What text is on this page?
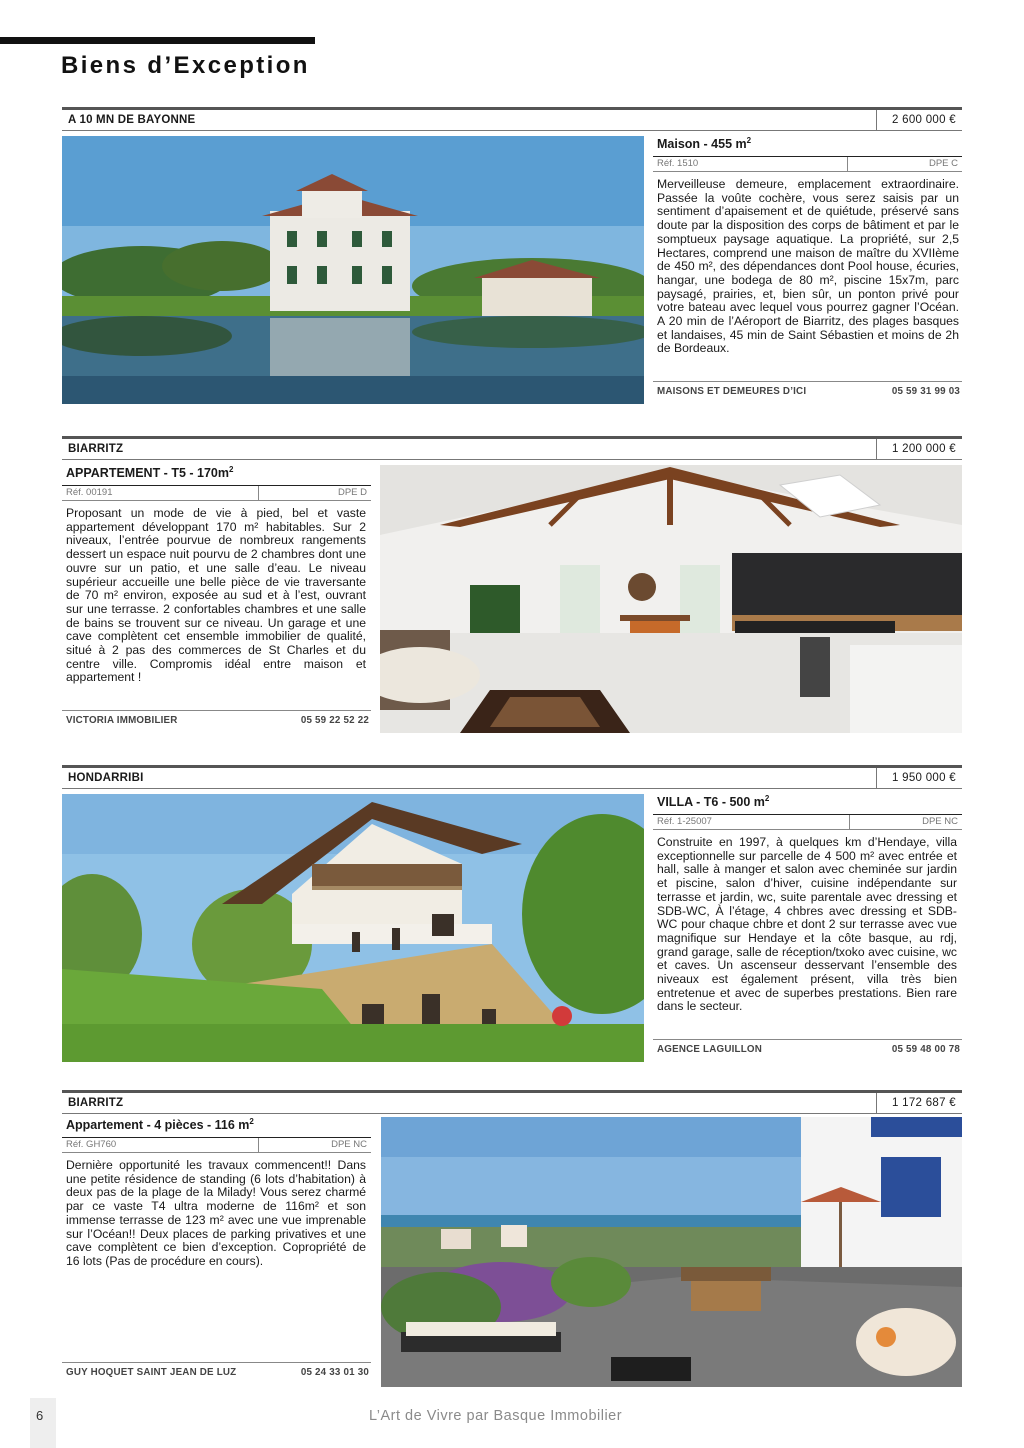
Biens d’Exception
A 10 MN DE BAYONNE	2 600 000 €
Maison - 455 $m^2$
Réf. 1510	DPE C
Merveilleuse demeure, emplacement extraordinaire. Passée la voûte cochère, vous serez saisis par un sentiment d’apaisement et de quiétude, préservé sans doute par la disposition des corps de bâtiment et par le somptueux paysage aquatique. La propriété, sur 2,5 Hectares, comprend une maison de maître du XVIIème de 450 m², des dépendances dont Pool house, écuries, hangar, une bodega de 80 m², piscine 15x7m, parc paysagé, prairies, et, bien sûr, un ponton privé pour votre bateau avec lequel vous pourrez gagner l’Océan. A 20 min de l’Aéroport de Biarritz, des plages basques et landaises, 45 min de Saint Sébastien et moins de 2h de Bordeaux.
MAISONS ET DEMEURES D’ICI	05 59 31 99 03
BIARRITZ	1 200 000 €
APPARTEMENT - $T5 - 170m^2$
Réf. 00191	DPE D
Proposant un mode de vie à pied, bel et vaste appartement développant 170 m² habitables. Sur 2 niveaux, l’entrée pourvue de nombreux rangements dessert un espace nuit pourvu de 2 chambres dont une ouvre sur un patio, et une salle d’eau. Le niveau supérieur accueille une belle pièce de vie traversante de 70 m² environ, exposée au sud et à l’est, ouvrant sur une terrasse. 2 confortables chambres et une salle de bains se trouvent sur ce niveau. Un garage et une cave complètent cet ensemble immobilier de qualité, situé à 2 pas des commerces de St Charles et du centre ville. Compromis idéal entre maison et appartement !
VICTORIA IMMOBILIER	05 59 22 52 22
HONDARRIBI	1 950 000 €
VILLA - T6 - 500 $m^2$
Réf. 1-25007	DPE NC
Construite en 1997, à quelques km d’Hendaye, villa exceptionnelle sur parcelle de 4 500 m² avec entrée et hall, salle à manger et salon avec cheminée sur jardin et piscine, salon d’hiver, cuisine indépendante sur terrasse et jardin, wc, suite parentale avec dressing et SDB-WC, À l’étage, 4 chbres avec dressing et SDB-WC pour chaque chbre et dont 2 sur terrasse avec vue magnifique sur Hendaye et la côte basque, au rdj, grand garage, salle de réception/txoko avec cuisine, wc et caves. Un ascenseur desservant l’ensemble des niveaux est également présent, villa très bien entretenue et avec de superbes prestations. Bien rare dans le secteur.
AGENCE LAGUILLON	05 59 48 00 78
BIARRITZ	1 172 687 €
Appartement - 4 pièces - 116 $m^2$
Réf. GH760	DPE NC
Dernière opportunité les travaux commencent!! Dans une petite résidence de standing (6 lots d’habitation) à deux pas de la plage de la Milady! Vous serez charmé par ce vaste T4 ultra moderne de 116m² et son immense terrasse de 123 m² avec une vue imprenable sur l’Océan!! Deux places de parking privatives et une cave complètent ce bien d’exception. Copropriété de 16 lots (Pas de procédure en cours).
GUY HOQUET SAINT JEAN DE LUZ	05 24 33 01 30
6	L’Art de Vivre par Basque Immobilier
